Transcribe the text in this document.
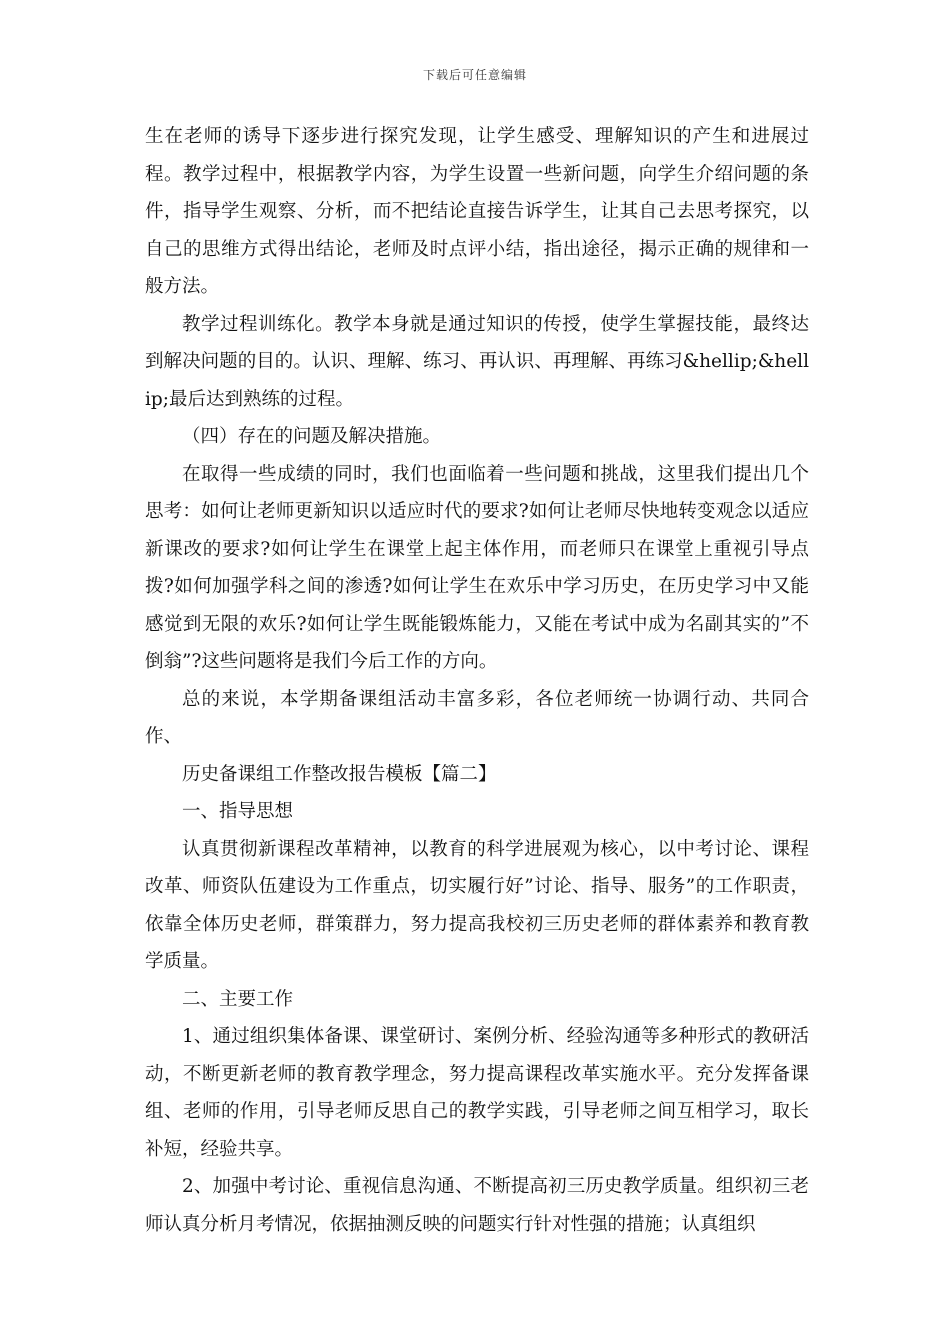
下载后可任意编辑

生在老师的诱导下逐步进行探究发现，让学生感受、理解知识的产生和进展过程。教学过程中，根据教学内容，为学生设置一些新问题，向学生介绍问题的条件，指导学生观察、分析，而不把结论直接告诉学生，让其自己去思考探究，以自己的思维方式得出结论，老师及时点评小结，指出途径，揭示正确的规律和一般方法。

教学过程训练化。教学本身就是通过知识的传授，使学生掌握技能，最终达到解决问题的目的。认识、理解、练习、再认识、再理解、再练习&hellip;&hellip;最后达到熟练的过程。

（四）存在的问题及解决措施。

在取得一些成绩的同时，我们也面临着一些问题和挑战，这里我们提出几个思考：如何让老师更新知识以适应时代的要求?如何让老师尽快地转变观念以适应新课改的要求?如何让学生在课堂上起主体作用，而老师只在课堂上重视引导点拨?如何加强学科之间的渗透?如何让学生在欢乐中学习历史，在历史学习中又能感觉到无限的欢乐?如何让学生既能锻炼能力，又能在考试中成为名副其实的”不倒翁”?这些问题将是我们今后工作的方向。

总的来说，本学期备课组活动丰富多彩，各位老师统一协调行动、共同合作、

历史备课组工作整改报告模板【篇二】

一、指导思想

认真贯彻新课程改革精神，以教育的科学进展观为核心，以中考讨论、课程改革、师资队伍建设为工作重点，切实履行好”讨论、指导、服务”的工作职责，依靠全体历史老师，群策群力，努力提高我校初三历史老师的群体素养和教育教学质量。

二、主要工作

1、通过组织集体备课、课堂研讨、案例分析、经验沟通等多种形式的教研活动，不断更新老师的教育教学理念，努力提高课程改革实施水平。充分发挥备课组、老师的作用，引导老师反思自己的教学实践，引导老师之间互相学习，取长补短，经验共享。

2、加强中考讨论、重视信息沟通、不断提高初三历史教学质量。组织初三老师认真分析月考情况，依据抽测反映的问题实行针对性强的措施；认真组织
